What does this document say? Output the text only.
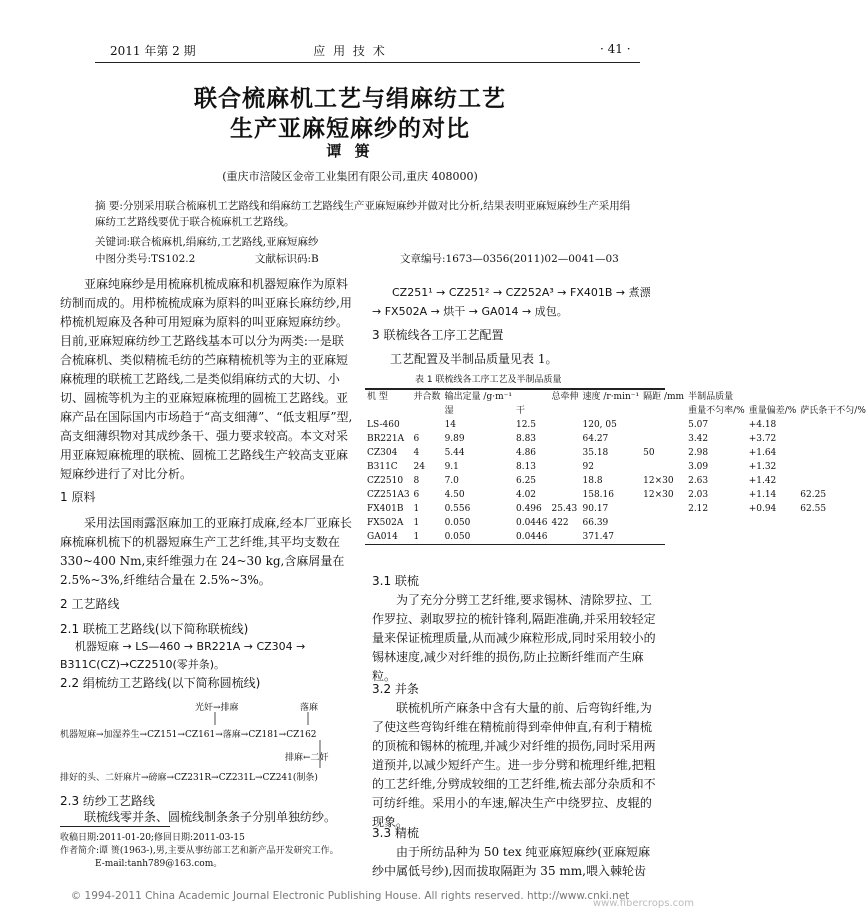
2011 年第 2 期	应 用 技 术	· 41 ·
联合梳麻机工艺与绢麻纺工艺
生产亚麻短麻纱的对比
谭 篑
(重庆市涪陵区金帝工业集团有限公司,重庆 408000)
摘 要:分别采用联合梳麻机工艺路线和绢麻纺工艺路线生产亚麻短麻纱并做对比分析,结果表明亚麻短麻纱生产采用绢麻纺工艺路线要优于联合梳麻机工艺路线。
关键词:联合梳麻机,绢麻纺,工艺路线,亚麻短麻纱
中图分类号:TS102.2	文献标识码:B	文章编号:1673—0356(2011)02—0041—03

亚麻纯麻纱是用梳麻机梳成麻和机器短麻作为原料纺制而成的。用栉梳梳成麻为原料的叫亚麻长麻纺纱,用栉梳机短麻及各种可用短麻为原料的叫亚麻短麻纺纱。目前,亚麻短麻纺纱工艺路线基本可以分为两类:一是联合梳麻机、类似精梳毛纺的苎麻精梳机等为主的亚麻短麻梳理的联梳工艺路线,二是类似绢麻纺式的大切、小切、圆梳等机为主的亚麻短麻梳理的圆梳工艺路线。亚麻产品在国际国内市场趋于“高支细薄”、“低支粗厚”型,高支细薄织物对其成纱条干、强力要求较高。本文对采用亚麻短麻梳理的联梳、圆梳工艺路线生产较高支亚麻短麻纱进行了对比分析。

1 原料

采用法国雨露沤麻加工的亚麻打成麻,经本厂亚麻长麻梳麻机梳下的机器短麻生产工艺纤维,其平均支数在 330~400 Nm,束纤维强力在 24~30 kg,含麻屑量在 2.5%~3%,纤维结合量在 2.5%~3%。

2 工艺路线
2.1 联梳工艺路线(以下简称联梳线)
机器短麻 → LS—460 → BR221A → CZ304 →
B311C(CZ)→CZ2510(零并条)。
2.2 绢梳纺工艺路线(以下简称圆梳线)
光奸→排麻	落麻
机器短麻→加湿养生→CZ151→CZ161→落麻→CZ181→CZ162
排好的头、二奸麻片→磅麻→CZ231R→CZ231L→CZ241(制条)
排麻←二奸
2.3 纺纱工艺路线

联梳线零并条、圆梳线制条条子分别单独纺纱。

收稿日期:2011-01-20;修回日期:2011-03-15
作者简介:谭 篑(1963-),男,主要从事纺部工艺和新产品开发研究工作。
E-mail:tanh789@163.com。
CZ251¹ → CZ251² → CZ252A³ → FX401B → 煮漂
→ FX502A → 烘干 → GA014 → 成包。
3 联梳线各工序工艺配置
工艺配置及半制品质量见表 1。
表 1 联梳线各工序工艺及半制品质量
机 型	并合数	输出定量 /g·m⁻¹		总牵伸	速度 /r·min⁻¹	隔距 /mm	半制品质量		
		湿	干				重量不匀率/%	重量偏差/%	萨氏条干不匀/%
LS-460		14	12.5		120, 05		5.07	+4.18	
BR221A	6	9.89	8.83		64.27		3.42	+3.72	
CZ304	4	5.44	4.86		35.18	50	2.98	+1.64	
B311C	24	9.1	8.13		92		3.09	+1.32	
CZ2510	8	7.0	6.25		18.8	12×30	2.63	+1.42	
CZ251A3	6	4.50	4.02		158.16	12×30	2.03	+1.14	62.25
FX401B	1	0.556	0.496	25.43	90.17		2.12	+0.94	62.55
FX502A	1	0.050	0.0446	422	66.39				
GA014	1	0.050	0.0446		371.47				
3.1 联梳

为了充分分劈工艺纤维,要求锡林、清除罗拉、工作罗拉、剥取罗拉的梳针锋利,隔距准确,并采用较轻定量来保证梳理质量,从而减少麻粒形成,同时采用较小的锡林速度,减少对纤维的损伤,防止拉断纤维而产生麻粒。

3.2 并条

联梳机所产麻条中含有大量的前、后弯钩纤维,为了使这些弯钩纤维在精梳前得到牵伸伸直,有利于精梳的顶梳和锡林的梳理,并减少对纤维的损伤,同时采用两道预并,以减少短纤产生。进一步分劈和梳理纤维,把粗的工艺纤维,分劈成较细的工艺纤维,梳去部分杂质和不可纺纤维。采用小的车速,解决生产中绕罗拉、皮辊的现象。

3.3 精梳

由于所纺品种为 50 tex 纯亚麻短麻纱(亚麻短麻纱中属低号纱),因而拔取隔距为 35 mm,喂入棘轮齿

© 1994-2011 China Academic Journal Electronic Publishing House. All rights reserved. http://www.cnki.net
www.fibercrops.com
